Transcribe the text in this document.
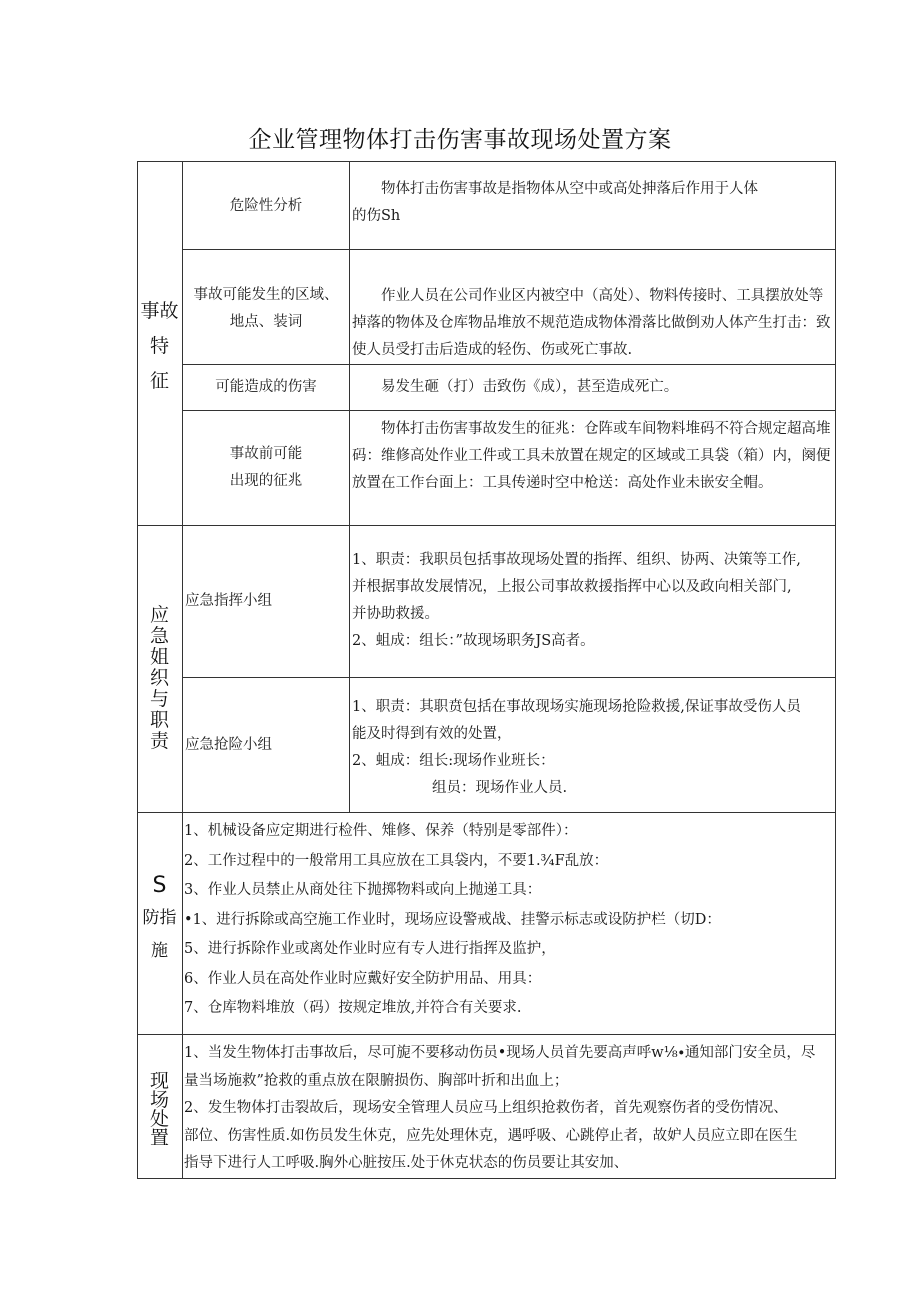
企业管理物体打击伤害事故现场处置方案
事故
特
征
危险性分析

物体打击伤害事故是指物体从空中或高处抻落后作用于人体

的伤Sh

事故可能发生的区域、

地点、装词

作业人员在公司作业区内被空中（高处）、物料传接时、工具摆放处等掉落的物体及仓库物品堆放不规范造成物体滑落比做倒劝人体产生打击：致使人员受打击后造成的轻伤、伤或死亡事故.

可能造成的伤害	易发生砸（打）击致伤《成），甚至造成死亡。

事故前可能

出现的征兆

物体打击伤害事故发生的征兆：仓阵或车间物料堆码不符合规定超高堆码：维修高处作业工件或工具未放置在规定的区域或工具袋（箱）内，阕便放置在工作台面上：工具传递时空中枪送：高处作业未嵌安全帽。

应
急
姐
织
与
职
责
应急指挥小组

1、职责：我职员包括事故现场处置的指挥、组织、协两、决策等工作,

并根据事故发展情况，上报公司事故救援指挥中心以及政向相关部门,

并协助救援。

2、蛆成：组长：”故现场职务JS高者。

应急抢险小组

1、职责：其职贲包括在事故现场实施现场抢险救援,保证事故受伤人员

能及时得到有效的处置，

2、蛆成：组长:现场作业班长：

组员：现场作业人员.

S
防指
施

1、机械设备应定期进行检件、雉修、保养（特别是零部件）：

2、工作过程中的一般常用工具应放在工具袋内，不要1.¾F乱放：

3、作业人员禁止从商处往下抛掷物料或向上抛递工具：

•1、进行拆除或高空施工作业时，现场应设警戒战、挂警示标志或设防护栏（切D：

5、进行拆除作业或离处作业时应有专人进行指挥及监护，

6、作业人员在高处作业时应戴好安全防护用品、用具：

7、仓库物料堆放（码）按规定堆放,并符合有关要求.

现
场
处
置

1、当发生物体打击事故后，尽可旎不要移动伤员•现场人员首先要高声呼w⅛∙通知部门安全员，尽

量当场施救”抢救的重点放在限腑损伤、胸部叶折和出血上；

2、发生物体打击裂故后，现场安全管理人员应马上组织抢救伤者，首先观察伤者的受伤情况、

部位、伤害性质.如伤员发生休克，应先处理休克，遇呼吸、心跳停止者，故妒人员应立即在医生

指导下进行人工呼吸.胸外心脏按压.处于休克状态的伤员要让其安加、
